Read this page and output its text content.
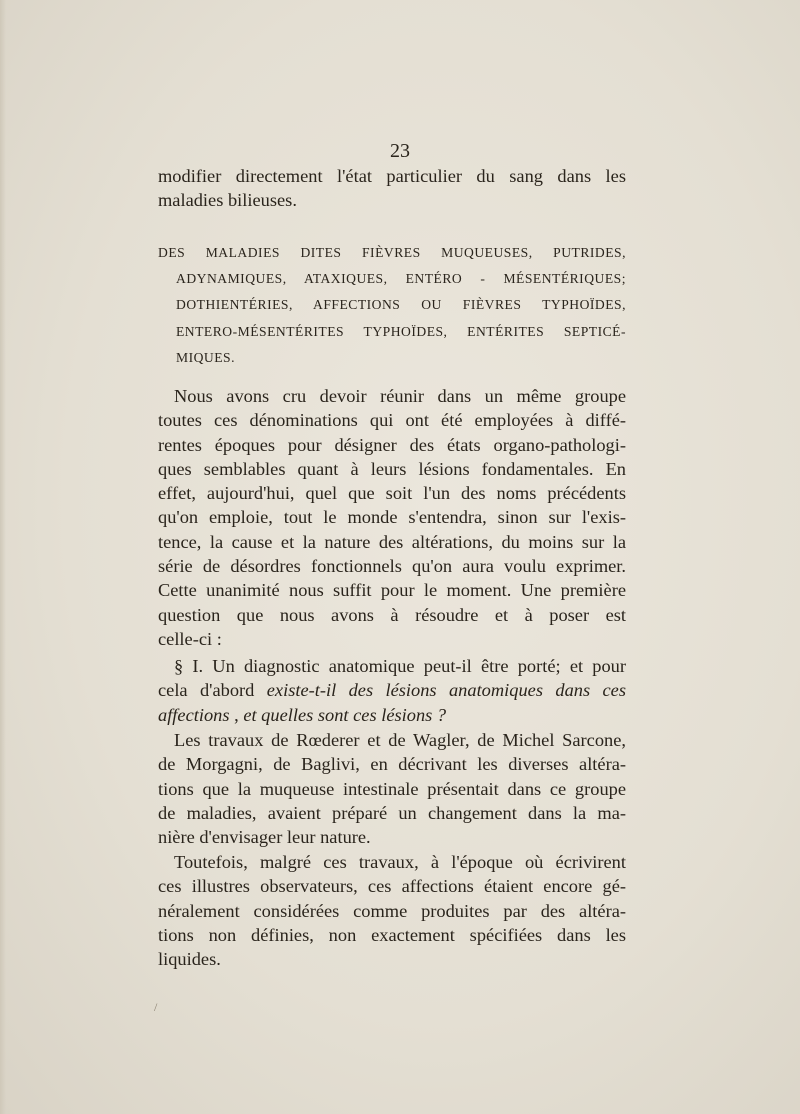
23
modifier directement l'état particulier du sang dans les
maladies bilieuses.
DES MALADIES DITES FIÈVRES MUQUEUSES, PUTRIDES,
ADYNAMIQUES, ATAXIQUES, ENTÉRO - MÉSENTÉRIQUES;
DOTHIENTÉRIES, AFFECTIONS OU FIÈVRES TYPHOÏDES,
ENTERO-MÉSENTÉRITES TYPHOÏDES, ENTÉRITES SEPTICÉ-
MIQUES.
Nous avons cru devoir réunir dans un même groupe
toutes ces dénominations qui ont été employées à diffé-
rentes époques pour désigner des états organo-pathologi-
ques semblables quant à leurs lésions fondamentales. En
effet, aujourd'hui, quel que soit l'un des noms précédents
qu'on emploie, tout le monde s'entendra, sinon sur l'exis-
tence, la cause et la nature des altérations, du moins sur la
série de désordres fonctionnels qu'on aura voulu exprimer.
Cette unanimité nous suffit pour le moment. Une première
question que nous avons à résoudre et à poser est
celle-ci :
§ I. Un diagnostic anatomique peut-il être porté; et pour
cela d'abord existe-t-il des lésions anatomiques dans ces
affections , et quelles sont ces lésions ?
Les travaux de Rœderer et de Wagler, de Michel Sarcone,
de Morgagni, de Baglivi, en décrivant les diverses altéra-
tions que la muqueuse intestinale présentait dans ce groupe
de maladies, avaient préparé un changement dans la ma-
nière d'envisager leur nature.
Toutefois, malgré ces travaux, à l'époque où écrivirent
ces illustres observateurs, ces affections étaient encore gé-
néralement considérées comme produites par des altéra-
tions non définies, non exactement spécifiées dans les
liquides.
/
